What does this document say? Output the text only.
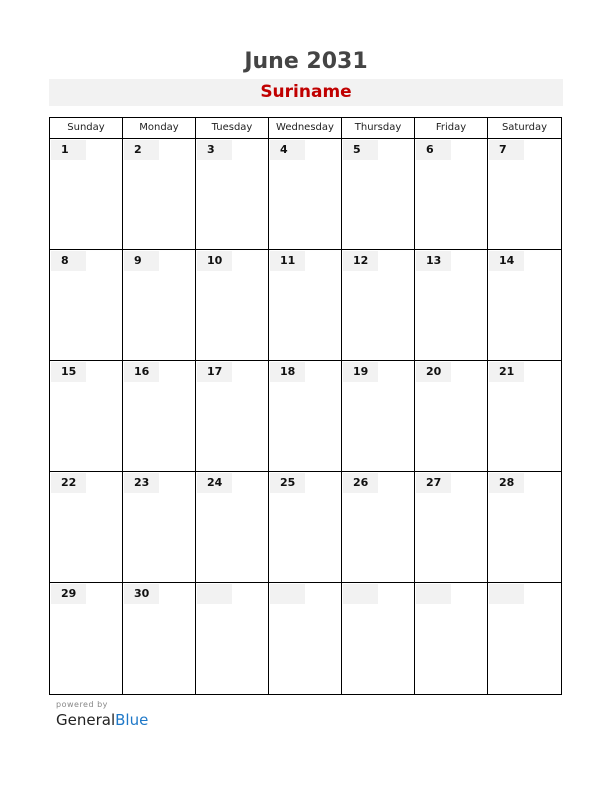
June 2031
Suriname
Sunday	Monday	Tuesday	Wednesday	Thursday	Friday	Saturday
1	2	3	4	5	6	7
8	9	10	11	12	13	14
15	16	17	18	19	20	21
22	23	24	25	26	27	28
29	30
powered by
GeneralBlue
